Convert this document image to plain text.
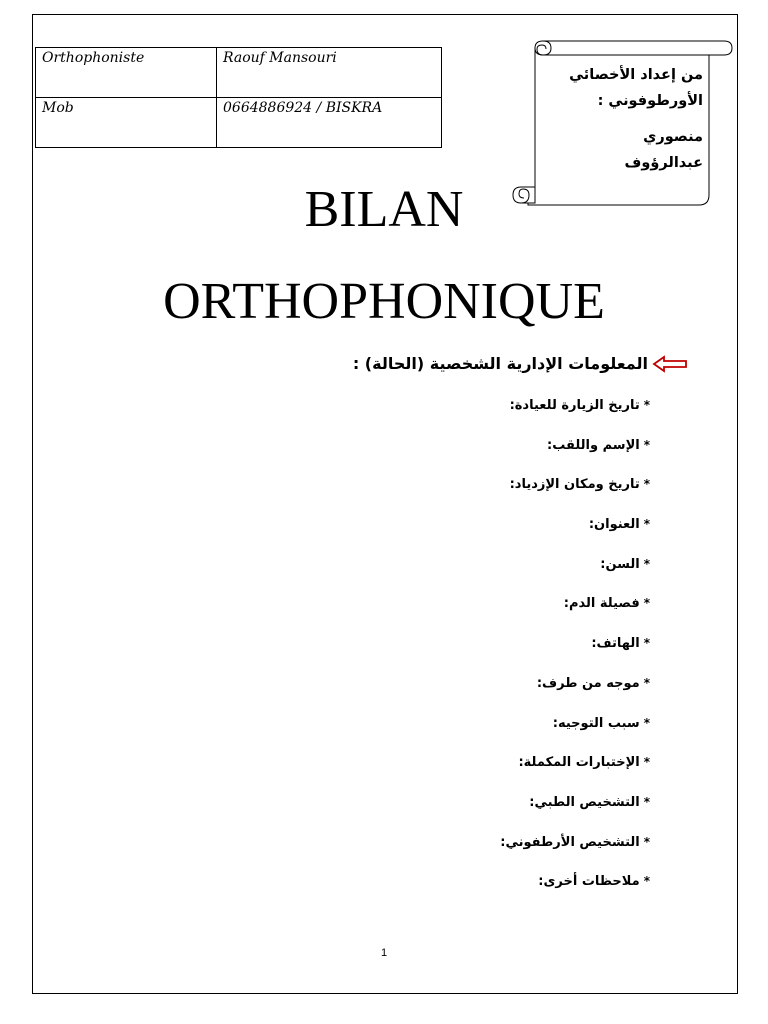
Orthophoniste	Raouf Mansouri
Mob	0664886924 / BISKRA
من إعداد الأخصائي
الأورطوفوني :
منصوري
عبدالرؤوف
BILAN
ORTHOPHONIQUE
المعلومات الإدارية الشخصية (الحالة) :
*تاريخ الزيارة للعيادة:
*الإسم واللقب:
*تاريخ ومكان الإزدياد:
*العنوان:
*السن:
*فصيلة الدم:
*الهاتف:
*موجه من طرف:
*سبب التوجيه:
*الإختبارات المكملة:
*التشخيص الطبي:
*التشخيص الأرطفوني:
*ملاحظات أخرى:
1
